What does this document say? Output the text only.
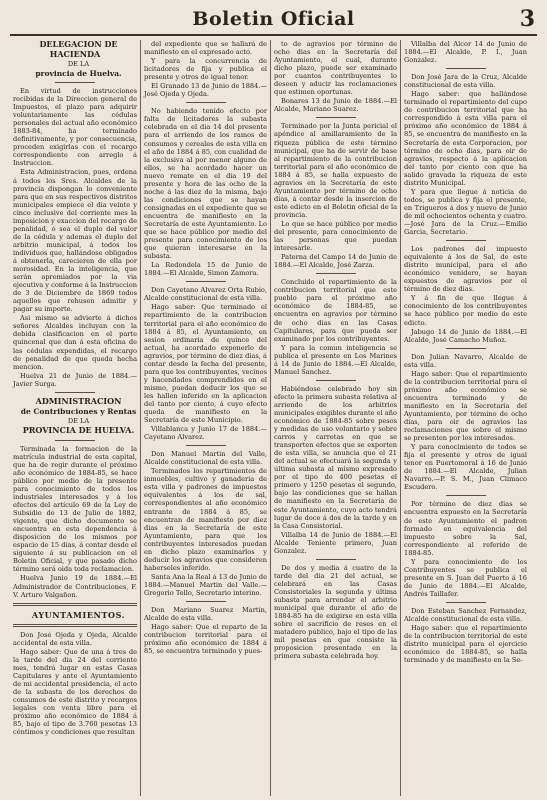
Boletin Oficial	3

DELEGACION DE HACIENDA

DE LA

provincia de Huelva.

En virtud de instrucciones recibidas de la Direccion general de Impuestos, el plazo para adquirir voluntariamente las cédulas personales del actual año económico 1883-84, ha terminado definitivamente, y por consecuencia, proceden exigirlas con el recargo correspondiente con arreglo á Instruccion.

Esta Administracion, pues, ordena á todos los Sres. Alcaldes de la provincia dispongan lo conveniente para que en sus respectivos distritos municipales empiece el dia veinte y cinco inclusive del corriente mes la imposicion y exaccion del recargo de penalidad, ó sea el duplo del valor de la cédula y ademas el duplo del arbitrio municipal, á todos los individuos que, hallándose obligados á obtenerla, carecieren de ella por morosidad. En la inteligencia, que serán apremiados por la via ejecutiva y conforme á la Instruccion de 3 de Diciembre de 1869 todos aquellos que rehusen admitir y pagar su importe.

Asi mismo se advierte á dichos señores Alcaldes incluyan con la debida clasificacion en el parte quincenal que dan á esta oficina de las cédulas expendidas, el recargo de penalidad de que queda hecha mencion.

Huelva 21 de Junio de 1884.—Javier Surga.

ADMINISTRACION

de Contribuciones y Rentas

DE LA

PROVINCIA DE HUELVA.

Terminada la formacion de la matrícula industrial de esta capital, que ha de regir durante el próximo año económico de 1884-85, se hace público por medio de la presente para conocimiento de todos los industriales interesados y á los efectos del artículo 69 de la Ley de Subsidio de 13 de Julio de 1882, vigente, que dicho documento se encuentra en esta dependencia á disposicion de los mismos por espacio de 15 dias, á contar desde el siguiente á su publicacion en el Boletin Oficial, y que pasado dicho término será oida toda reclamacion.

Huelva Junio 19 de 1884.—El Administrador de Contribuciones, F. V. Arturo Valgañon.

AYUNTAMIENTOS.

Don José Ojeda y Ojeda, Alcalde accidental de esta villa.

Hago saber: Que de una á tres de la tarde del dia 24 del corriente mes, tendrá lugar en estas Casas Capitulares y ante el Ayuntamiento de mi accidental presidencia, el acto de la subasta de los derechos de consumos de este distrito y recargos legales con venta libre para el próximo año económico de 1884 á 85, bajo el tipo de 3.760 pesetas 13 céntimos y condiciones que resultan

del expediente que se hallará de manifiesto en el expresado acto.

Y para la concurrencia de licitadores de fija y publica el presente y otros de igual tenor.

El Granado 13 de Junio de 1884.—José Ojeda y Ojeda.

No habiendo tenido efecto por falta de licitadores la subasta celebrada en el dia 14 del presente para el arriendo de los ramos de consumos y cereales de esta villa en el año de 1884 á 85, con cualidad de la exclusiva al por menor alguno de ellos, se ha acordado hacer un nuevo remate en el dia 19 del presente y hora de las ocho de la noche á las diez de la misma, bajo las condiciones que se hayan consignadas en el expediente que se encuentra de manifiesto en la Secretaría de este Ayuntamiento. Lo que se hace público por medio del presente para conocimiento de los que quieran interesarse en la subasta.

La Redondela 15 de Junio de 1884.—El Alcalde, Simon Zamora.

Don Cayetano Alvarez Orta Rubio, Alcalde constitucional de esta villa.

Hago saber: Que terminado el repartimiento de la contribucion territorial para el año económico de 1884 á 85, el Ayuntamiento, en sesion ordinaria de quince del actual, ha acordado exponerlo de agravios, por término de diez dias, á contar desde la fecha del presente, para que los contribuyentes, vecinos y hacendados comprendidos en el mismo, puedan deducir los que se les hallen inferido en la aplicacion del tanto por ciento, á cuyo efecto queda de manifiesto en la Secretaría de este Municipio.

Villablanca y Junio 17 de 1884.—Cayetano Alvarez.

Don Manuel Martin del Valle, Alcalde constitucional de esta villa.

Terminados los repartimientos de inmuebles, cultivo y ganaderia de esta villa y padrones de impuestos equivalentes á los de sal, correspondientes al año económico entrante de 1884 á 85, se encuentran de manifiesto por diez dias en la Secretaría de este Ayuntamiento, para que los contribuyentes interesados puedan en dicho plazo examinarlos y deducir los agravios que consideren haberseles inferido.

Santa Ana la Real á 13 de Junio de 1884.—Manuel Martin del Valle.—Gregorio Tello, Secretario interino.

Don Mariano Suarez Martin, Alcalde de esta villa.

Hago saber: Que el reparto de la contribucion territorial para el próximo año económico de 1884 á 85, se encuentra terminado y pues-

to de agravios por término de ocho dias en la Secretaría del Ayuntamiento, el cual, durante dicho plazo, puede ser examinado por cuantos contribuyentes lo deseen y aducir las reclamaciones que estimen oportunas.

Bonares 13 de Junio de 1884.—El Alcalde, Mariano Suarez.

Terminado por la Junta pericial el apéndice al amillaramiento de la riqueza pública de este término municipal, que ha de servir de base al repartimiento de la contribucion territorial para el año económico de 1884 á 85, se halla expuesto de agravios en la Secretaría de este Ayuntamiento por término de ocho dias, á contar desde la insercion de este edicto en el Boletin oficial de la provincia.

Lo que se hace público por medio del presente, para conocimiento de las personas que puedan interesarle.

Paterna del Campo 14 de Junio de 1884.—El Alcalde, José Zarza.

Concluido el repartimiento de la contribucion territorial que este pueblo para el próximo año económico de 1884-85, se encuentra en agravios por término de ocho dias en las Casas Capitulares, para que pueda ser examinado por los contribuyentes.

Y para la comun inteligencia se publica el presente en Los Marines á 14 de Junio de 1884.—El Alcalde, Manuel Sanchez.

Habiéndose celebrado hoy sin efecto la primera subasta relativa al arriendo de los arbitrios municipales exigibles durante el año económico de 1884-85 sobre pesos y medidas de uso voluntario y sobre carros y carretas en que se transporten efectos que se exporten de esta villa, se anuncia que el 21 del actual se efectuará la segunda y última subasta al mismo expresado por el tipo de 400 pesetas el primero y 1250 pesetas el segundo, bajo las condiciones que se hallan de manifiesto en la Secretaría de este Ayuntamiento, cuyo acto tendrá lugar de doce á dos de la tarde y en la Casa Consistorial.

Villalba 14 de Junio de 1884.—El Alcalde Teniente primero, Juan Gonzalez.

De dos y media á cuatro de la tarde del dia 21 del actual, se celebrará en las Casas Consistoriales la segunda y última subasta para arrendar el arbitrio municipal que durante el año de 1884-85 ha de exigirse en esta villa sobre el sacrificio de reses en el matadero público, bajo el tipo de las mil pesetas en que consiste la proposicion presentada en la primera subasta celebrada hoy.

Villalba del Alcor 14 de Junio de 1884.—El Alcalde, P. I., Juan Gonzalez.

Don José Jara de la Cruz, Alcalde constitucional de esta villa.

Hago saber: que hallándose terminado el repartimiento del cupo de contribucion territorial que ha correspondido á esta villa para el próximo año económico de 1884 á 85, se encuentra de manifiesto en la Secretaría de esta Corporacion, por término de ocho dias, para oir de agravios, respecto á la aplicacion del tanto por ciento con que ha salido gravada la riqueza de este distrito Municipal.

Y para que llegue á noticia de todos, se publica y fija el presente, en Trigueros á dos y nuevo de Junio de mil ochocientos ochenta y cuatro.—José Jara de la Cruz.—Emilio Garcia, Secretario.

Los padrones del impuesto equivalente á los de Sal, de este distrito municipal, para el año económico venidero, se hayan expuestos de agravios por el término de diez dias.

Y á fin de que llegue á conocimiento de los contribuyentes se hace público por medio de este edicto.

Jabugo 14 de Junio de 1884.—El Alcalde, José Camacho Muñoz.

Don Julian Navarro, Alcalde de esta villa.

Hago saber: Que el repartimiento de la contribucion territorial para el próximo año económico se encuentra terminado y de manifiesto en la Secretaría del Ayuntamiento, por término de ocho dias, para oir de agravios las reclamaciones que sobre el mismo se presenten por los interesados.

Y para conocimiento de todos se fija el presente y otros de igual tenor en Puertomoral á 16 de Junio de 1884.—El Alcalde, Julian Navarro.—P. S. M., Juan Climaco Escudero.

Por término de diez dias se encuentra expuesto en la Secretaría de este Ayuntamiento el padron formado en equivalencia del impuesto sobre la Sal, correspondiente al referido de 1884-85.

Y para conocimiento de los Contribuyentes se publica el presente en S. Juan del Puerto á 16 de Junio de 1884.—El Alcalde, Andrés Taillafer.

Don Esteban Sanchez Fernandez, Alcalde constitucional de esta villa.

Hago saber: que el repartimiento de la contribucion territorial de este distrito municipal para el ejercicio económico de 1884-85, se halla terminado y de manifiesto en la Se-
